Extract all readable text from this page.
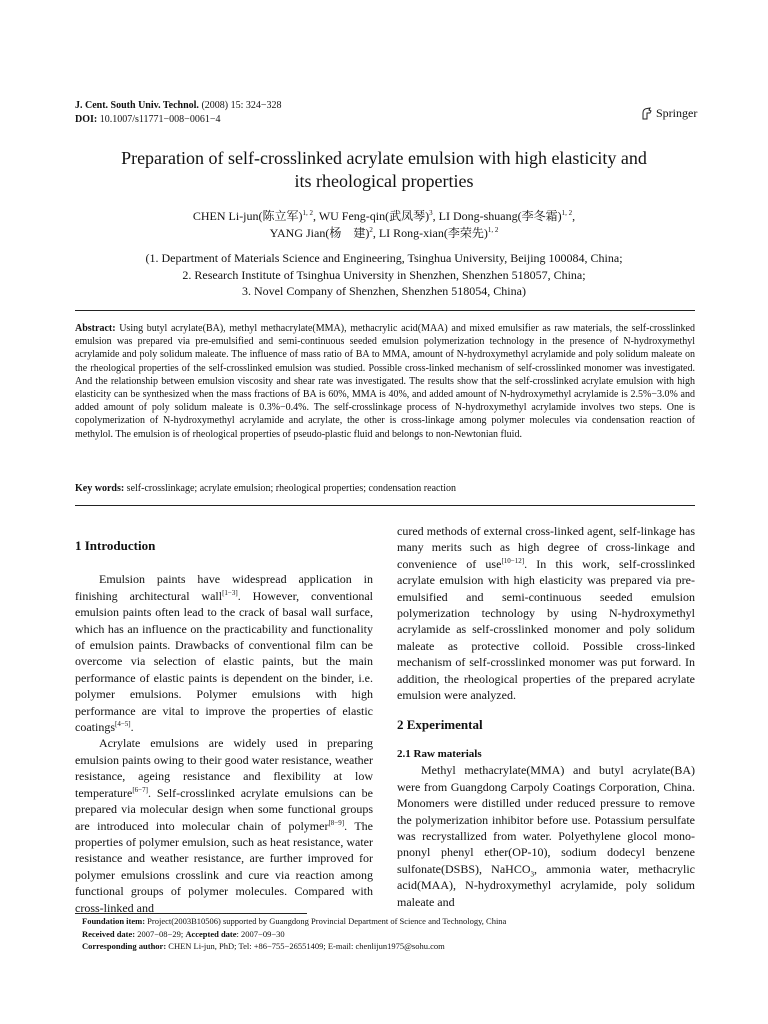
J. Cent. South Univ. Technol. (2008) 15: 324−328
DOI: 10.1007/s11771−008−0061−4	Springer
Preparation of self-crosslinked acrylate emulsion with high elasticity and
its rheological properties
CHEN Li-jun(陈立军)$^{1, 2}$, WU Feng-qin(武凤琴)$^3$, LI Dong-shuang(李冬霜)$^{1, 2}$,
YANG Jian(杨　建)$^2$, LI Rong-xian(李荣先)$^{1, 2}$
(1. Department of Materials Science and Engineering, Tsinghua University, Beijing 100084, China;
2. Research Institute of Tsinghua University in Shenzhen, Shenzhen 518057, China;
3. Novel Company of Shenzhen, Shenzhen 518054, China)
Abstract: Using butyl acrylate(BA), methyl methacrylate(MMA), methacrylic acid(MAA) and mixed emulsifier as raw materials, the self-crosslinked emulsion was prepared via pre-emulsified and semi-continuous seeded emulsion polymerization technology in the presence of N-hydroxymethyl acrylamide and poly solidum maleate. The influence of mass ratio of BA to MMA, amount of N-hydroxymethyl acrylamide and poly solidum maleate on the rheological properties of the self-crosslinked emulsion was studied. Possible cross-linked mechanism of self-crosslinked monomer was investigated. And the relationship between emulsion viscosity and shear rate was investigated. The results show that the self-crosslinked acrylate emulsion with high elasticity can be synthesized when the mass fractions of BA is 60%, MMA is 40%, and added amount of N-hydroxymethyl acrylamide is 2.5%−3.0% and added amount of poly solidum maleate is 0.3%−0.4%. The self-crosslinkage process of N-hydroxymethyl acrylamide involves two steps. One is copolymerization of N-hydroxymethyl acrylamide and acrylate, the other is cross-linkage among polymer molecules via condensation reaction of methylol. The emulsion is of rheological properties of pseudo-plastic fluid and belongs to non-Newtonian fluid.
Key words: self-crosslinkage; acrylate emulsion; rheological properties; condensation reaction
1 Introduction

Emulsion paints have widespread application in finishing architectural wall[1−3]. However, conventional emulsion paints often lead to the crack of basal wall surface, which has an influence on the practicability and functionality of emulsion paints. Drawbacks of conventional film can be overcome via selection of elastic paints, but the main performance of elastic paints is dependent on the binder, i.e. polymer emulsions. Polymer emulsions with high performance are vital to improve the properties of elastic coatings[4−5].

Acrylate emulsions are widely used in preparing emulsion paints owing to their good water resistance, weather resistance, ageing resistance and flexibility at low temperature[6−7]. Self-crosslinked acrylate emulsions can be prepared via molecular design when some functional groups are introduced into molecular chain of polymer[8−9]. The properties of polymer emulsion, such as heat resistance, water resistance and weather resistance, are further improved for polymer emulsions crosslink and cure via reaction among functional groups of polymer molecules. Compared with cross-linked and

cured methods of external cross-linked agent, self-linkage has many merits such as high degree of cross-linkage and convenience of use[10−12]. In this work, self-crosslinked acrylate emulsion with high elasticity was prepared via pre-emulsified and semi-continuous seeded emulsion polymerization technology by using N-hydroxymethyl acrylamide as self-crosslinked monomer and poly solidum maleate as protective colloid. Possible cross-linked mechanism of self-crosslinked monomer was put forward. In addition, the rheological properties of the prepared acrylate emulsion were analyzed.

2 Experimental
2.1 Raw materials

Methyl methacrylate(MMA) and butyl acrylate(BA) were from Guangdong Carpoly Coatings Corporation, China. Monomers were distilled under reduced pressure to remove the polymerization inhibitor before use. Potassium persulfate was recrystallized from water. Polyethylene glocol mono-pnonyl phenyl ether(OP-10), sodium dodecyl benzene sulfonate(DSBS), NaHCO$_3$, ammonia water, methacrylic acid(MAA), N-hydroxymethyl acrylamide, poly solidum maleate and

Foundation item: Project(2003B10506) supported by Guangdong Provincial Department of Science and Technology, China
Received date: 2007−08−29; Accepted date: 2007−09−30
Corresponding author: CHEN Li-jun, PhD; Tel: +86−755−26551409; E-mail: chenlijun1975@sohu.com
